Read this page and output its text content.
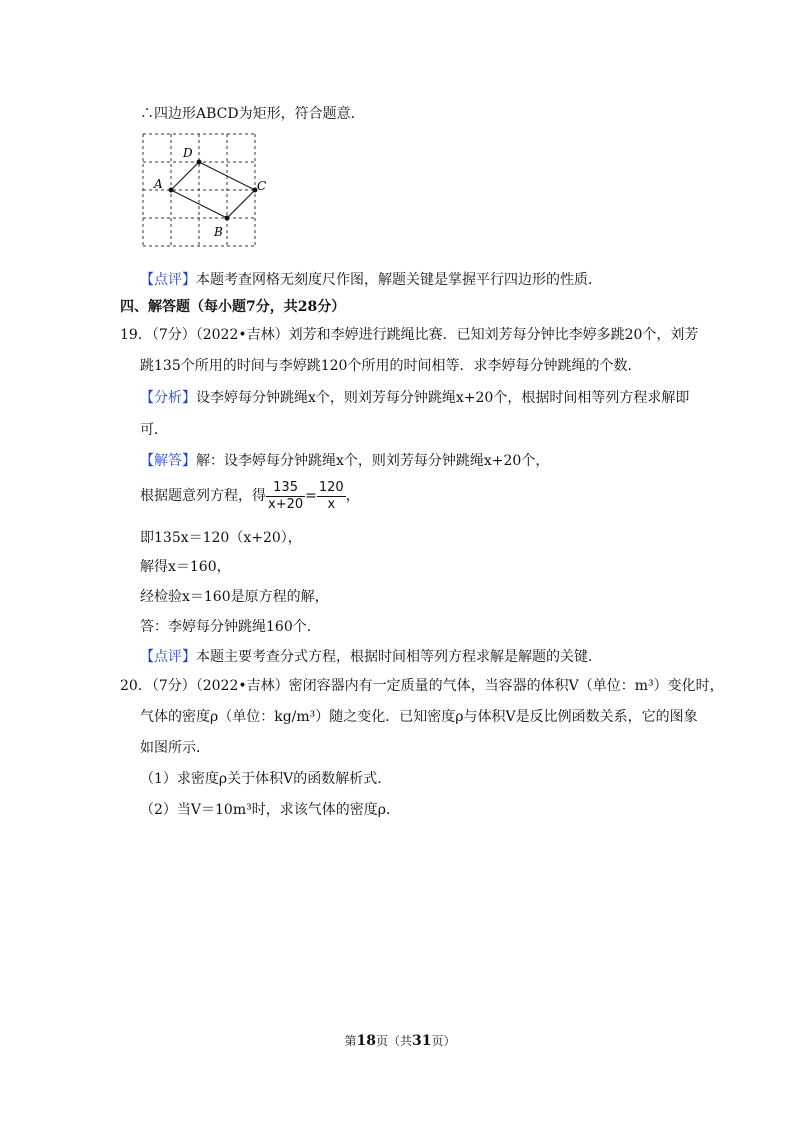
∴四边形ABCD为矩形，符合题意．
D
A	C
B
【点评】本题考查网格无刻度尺作图，解题关键是掌握平行四边形的性质．
四、解答题（每小题7分，共28分）
19．（7分）（2022•吉林）刘芳和李婷进行跳绳比赛．已知刘芳每分钟比李婷多跳20个，刘芳
跳135个所用的时间与李婷跳120个所用的时间相等．求李婷每分钟跳绳的个数．
【分析】设李婷每分钟跳绳x个，则刘芳每分钟跳绳x+20个，根据时间相等列方程求解即
可．
【解答】解：设李婷每分钟跳绳x个，则刘芳每分钟跳绳x+20个，
根据题意列方程，得 $\frac{135}{x+20} = \frac{120}{x}$ ，
即135x＝120（x+20），
解得x＝160，
经检验x＝160是原方程的解，
答：李婷每分钟跳绳160个．
【点评】本题主要考查分式方程，根据时间相等列方程求解是解题的关键．
20．（7分）（2022•吉林）密闭容器内有一定质量的气体，当容器的体积V（单位：m³）变化时，
气体的密度ρ（单位：kg/m³）随之变化．已知密度ρ与体积V是反比例函数关系，它的图象
如图所示．
（1）求密度ρ关于体积V的函数解析式．
（2）当V＝10m³时，求该气体的密度ρ．
第18页（共31页）
